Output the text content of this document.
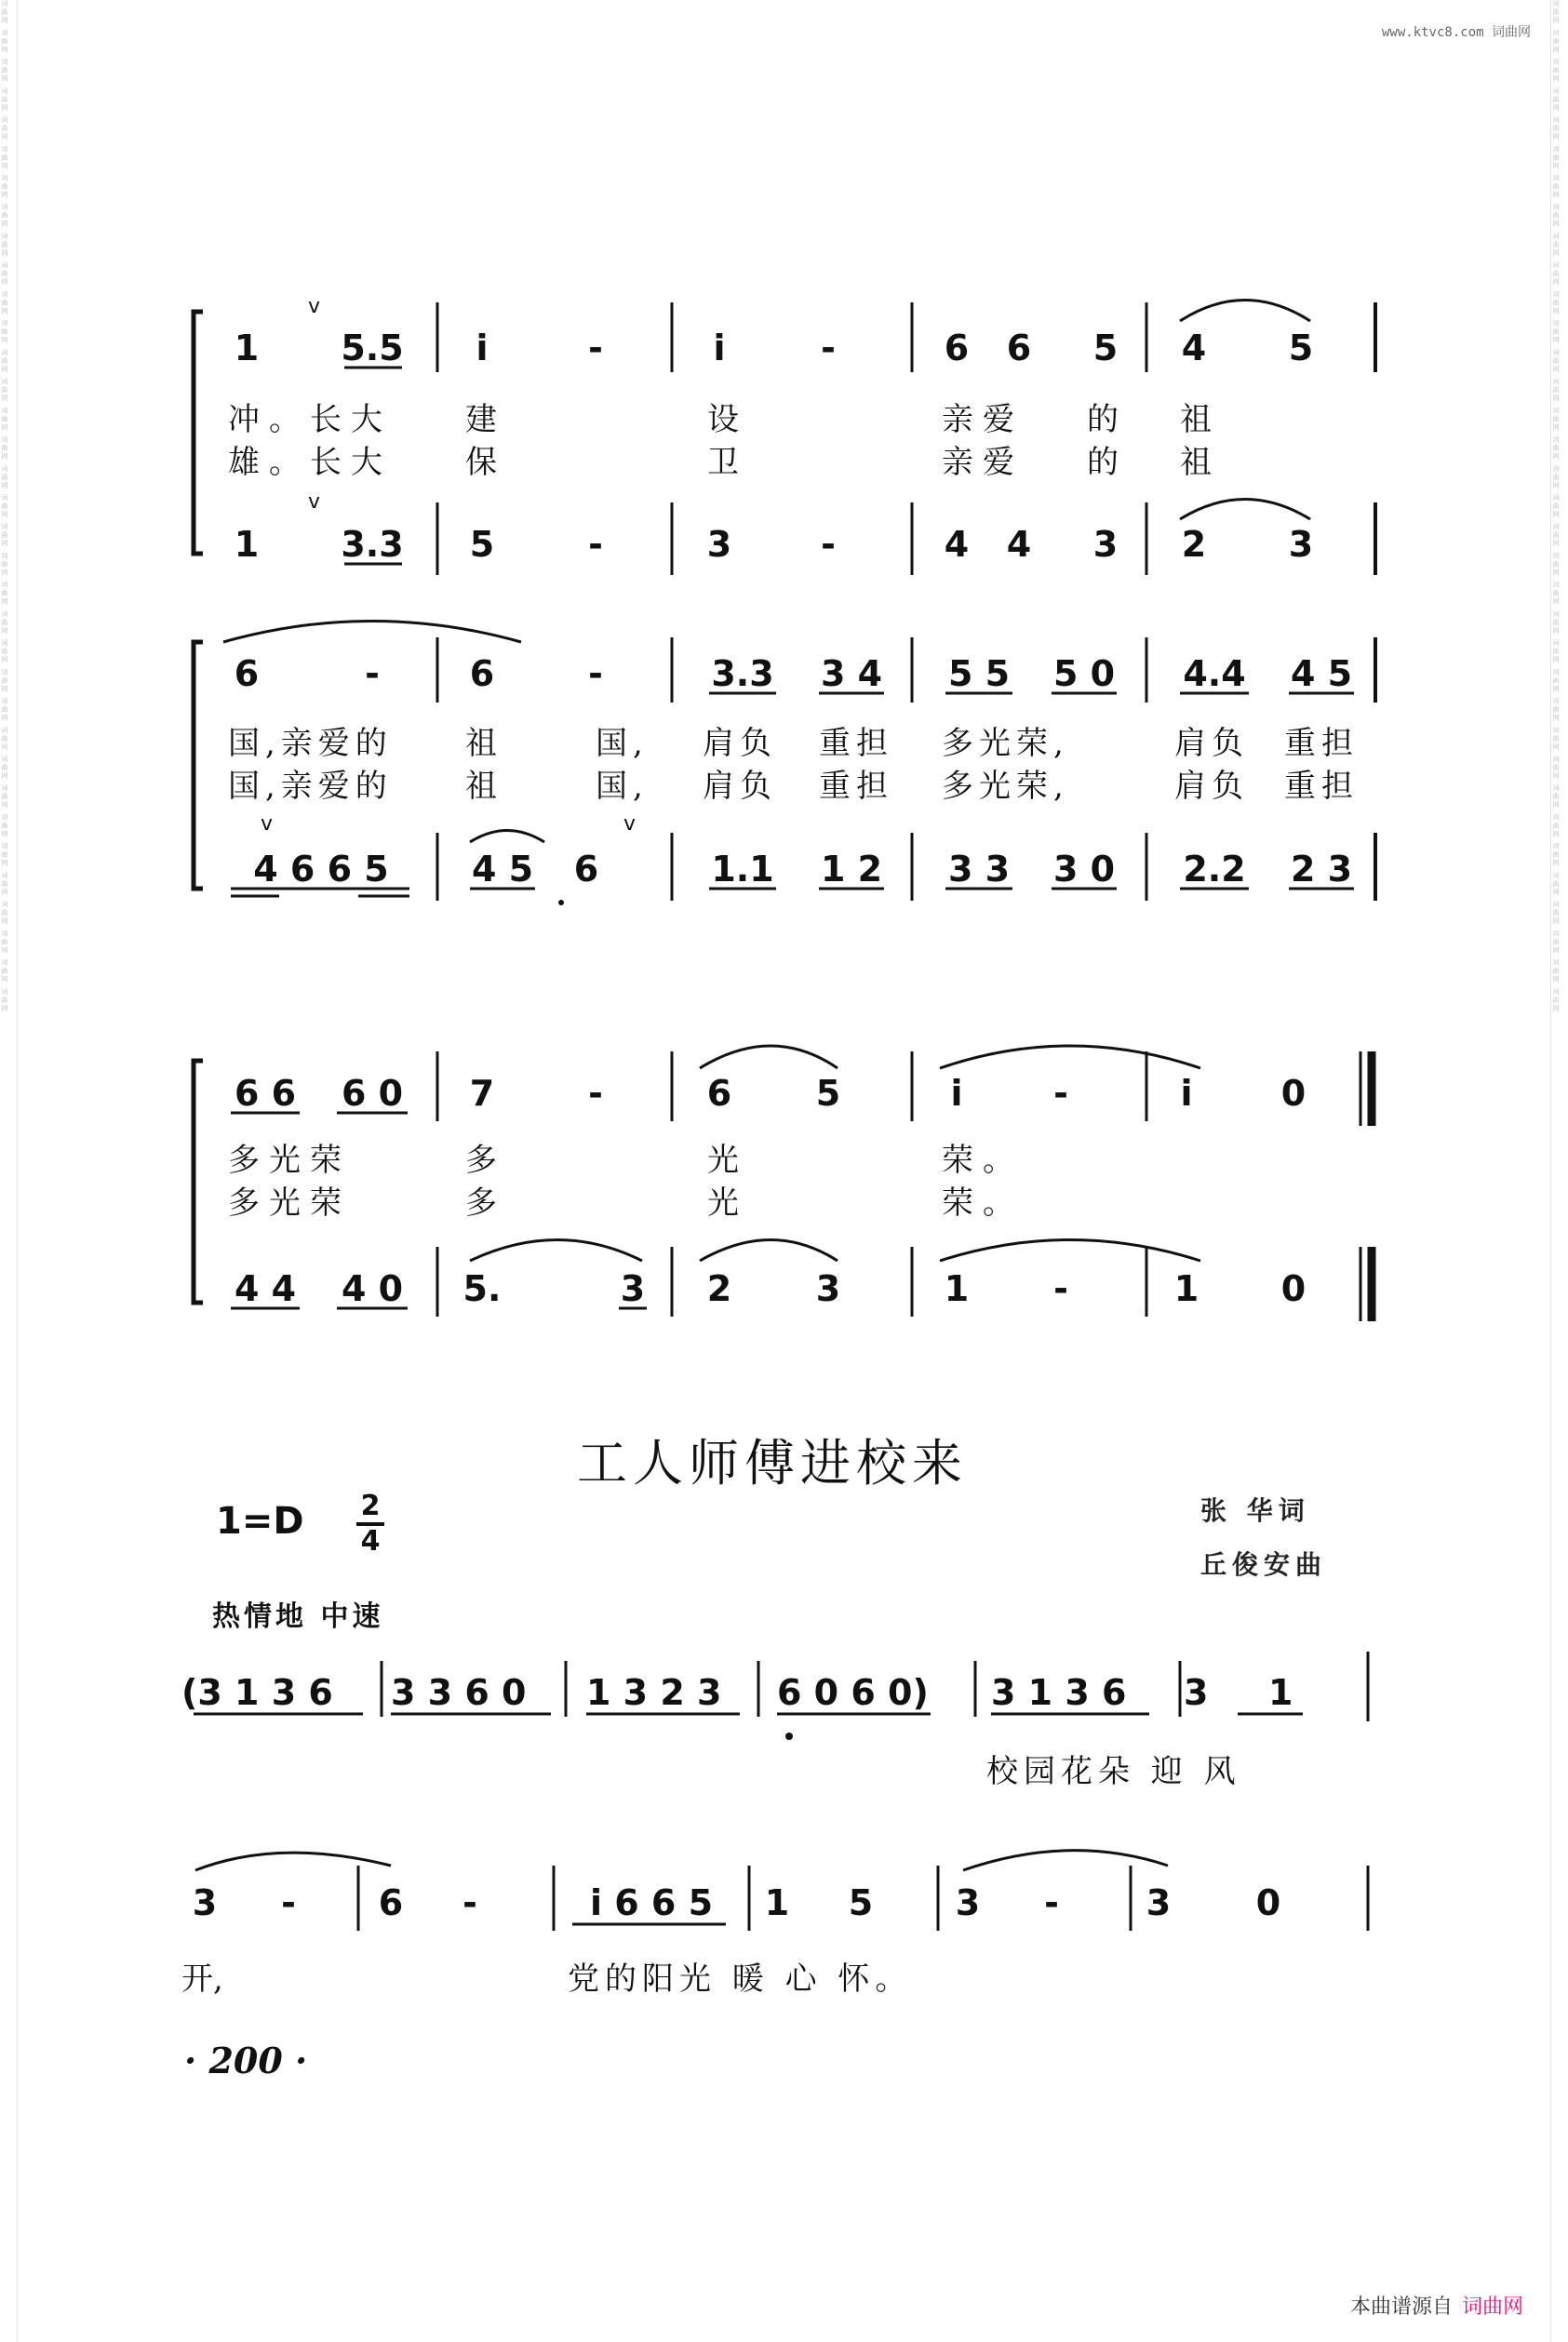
词曲网 词曲网 词曲网 词曲网 词曲网 词曲网 词曲网 词曲网 词曲网 词曲网 词曲网 词曲网 词曲网 词曲网 词曲网 词曲网 词曲网 词曲网 词曲网 词曲网 词曲网 词曲网 词曲网 词曲网 词曲网 词曲网 词曲网 词曲网 词曲网 词曲网 词曲网 词曲网 词曲网 词曲网 词曲网	词曲网 词曲网 词曲网 词曲网 词曲网 词曲网 词曲网 词曲网 词曲网 词曲网 词曲网 词曲网 词曲网 词曲网 词曲网 词曲网 词曲网 词曲网 词曲网 词曲网 词曲网 词曲网 词曲网 词曲网 词曲网 词曲网 词曲网 词曲网 词曲网 词曲网 词曲网 词曲网 词曲网 词曲网 词曲网
www.ktvc8.com 词曲网
1 5.5 i	-	i	-	6 6 5 4 5
v
冲。长大 建	设	亲爱 的 祖
雄。长大 保	卫	亲爱 的 祖
1 3.3 5	-	3	-	4 4 3 2 3
v
6	-	6	-	3.3 3 4 5 5 5 0 4.4 4 5
国,亲爱的 祖	国, 肩负 重担 多光荣,	肩负 重担
国,亲爱的 祖	国, 肩负 重担 多光荣,	肩负 重担
v	v
4 6 6 5 4 5 6	1.1 1 2 3 3 3 0 2.2 2 3
6 6 6 0 7	-	6 5	i	-	i	0
多光荣	多	光	荣。
多光荣	多	光	荣。
4 4 4 0 5.	3 2 3	1 -	1 0
(3 1 3 6 3 3 6 0 1 3 2 3 6 0 6 0) 3 1 3 6 3 1
校园花朵 迎 风
3 - 6 -	i 6 6 5 1 5 3 - 3 0
开,	党的阳光 暖 心 怀。
工人师傅进校来
张 华词
丘俊安曲
1=D 2
4
热情地 中速
· 200 ·
本曲谱源自 词曲网
